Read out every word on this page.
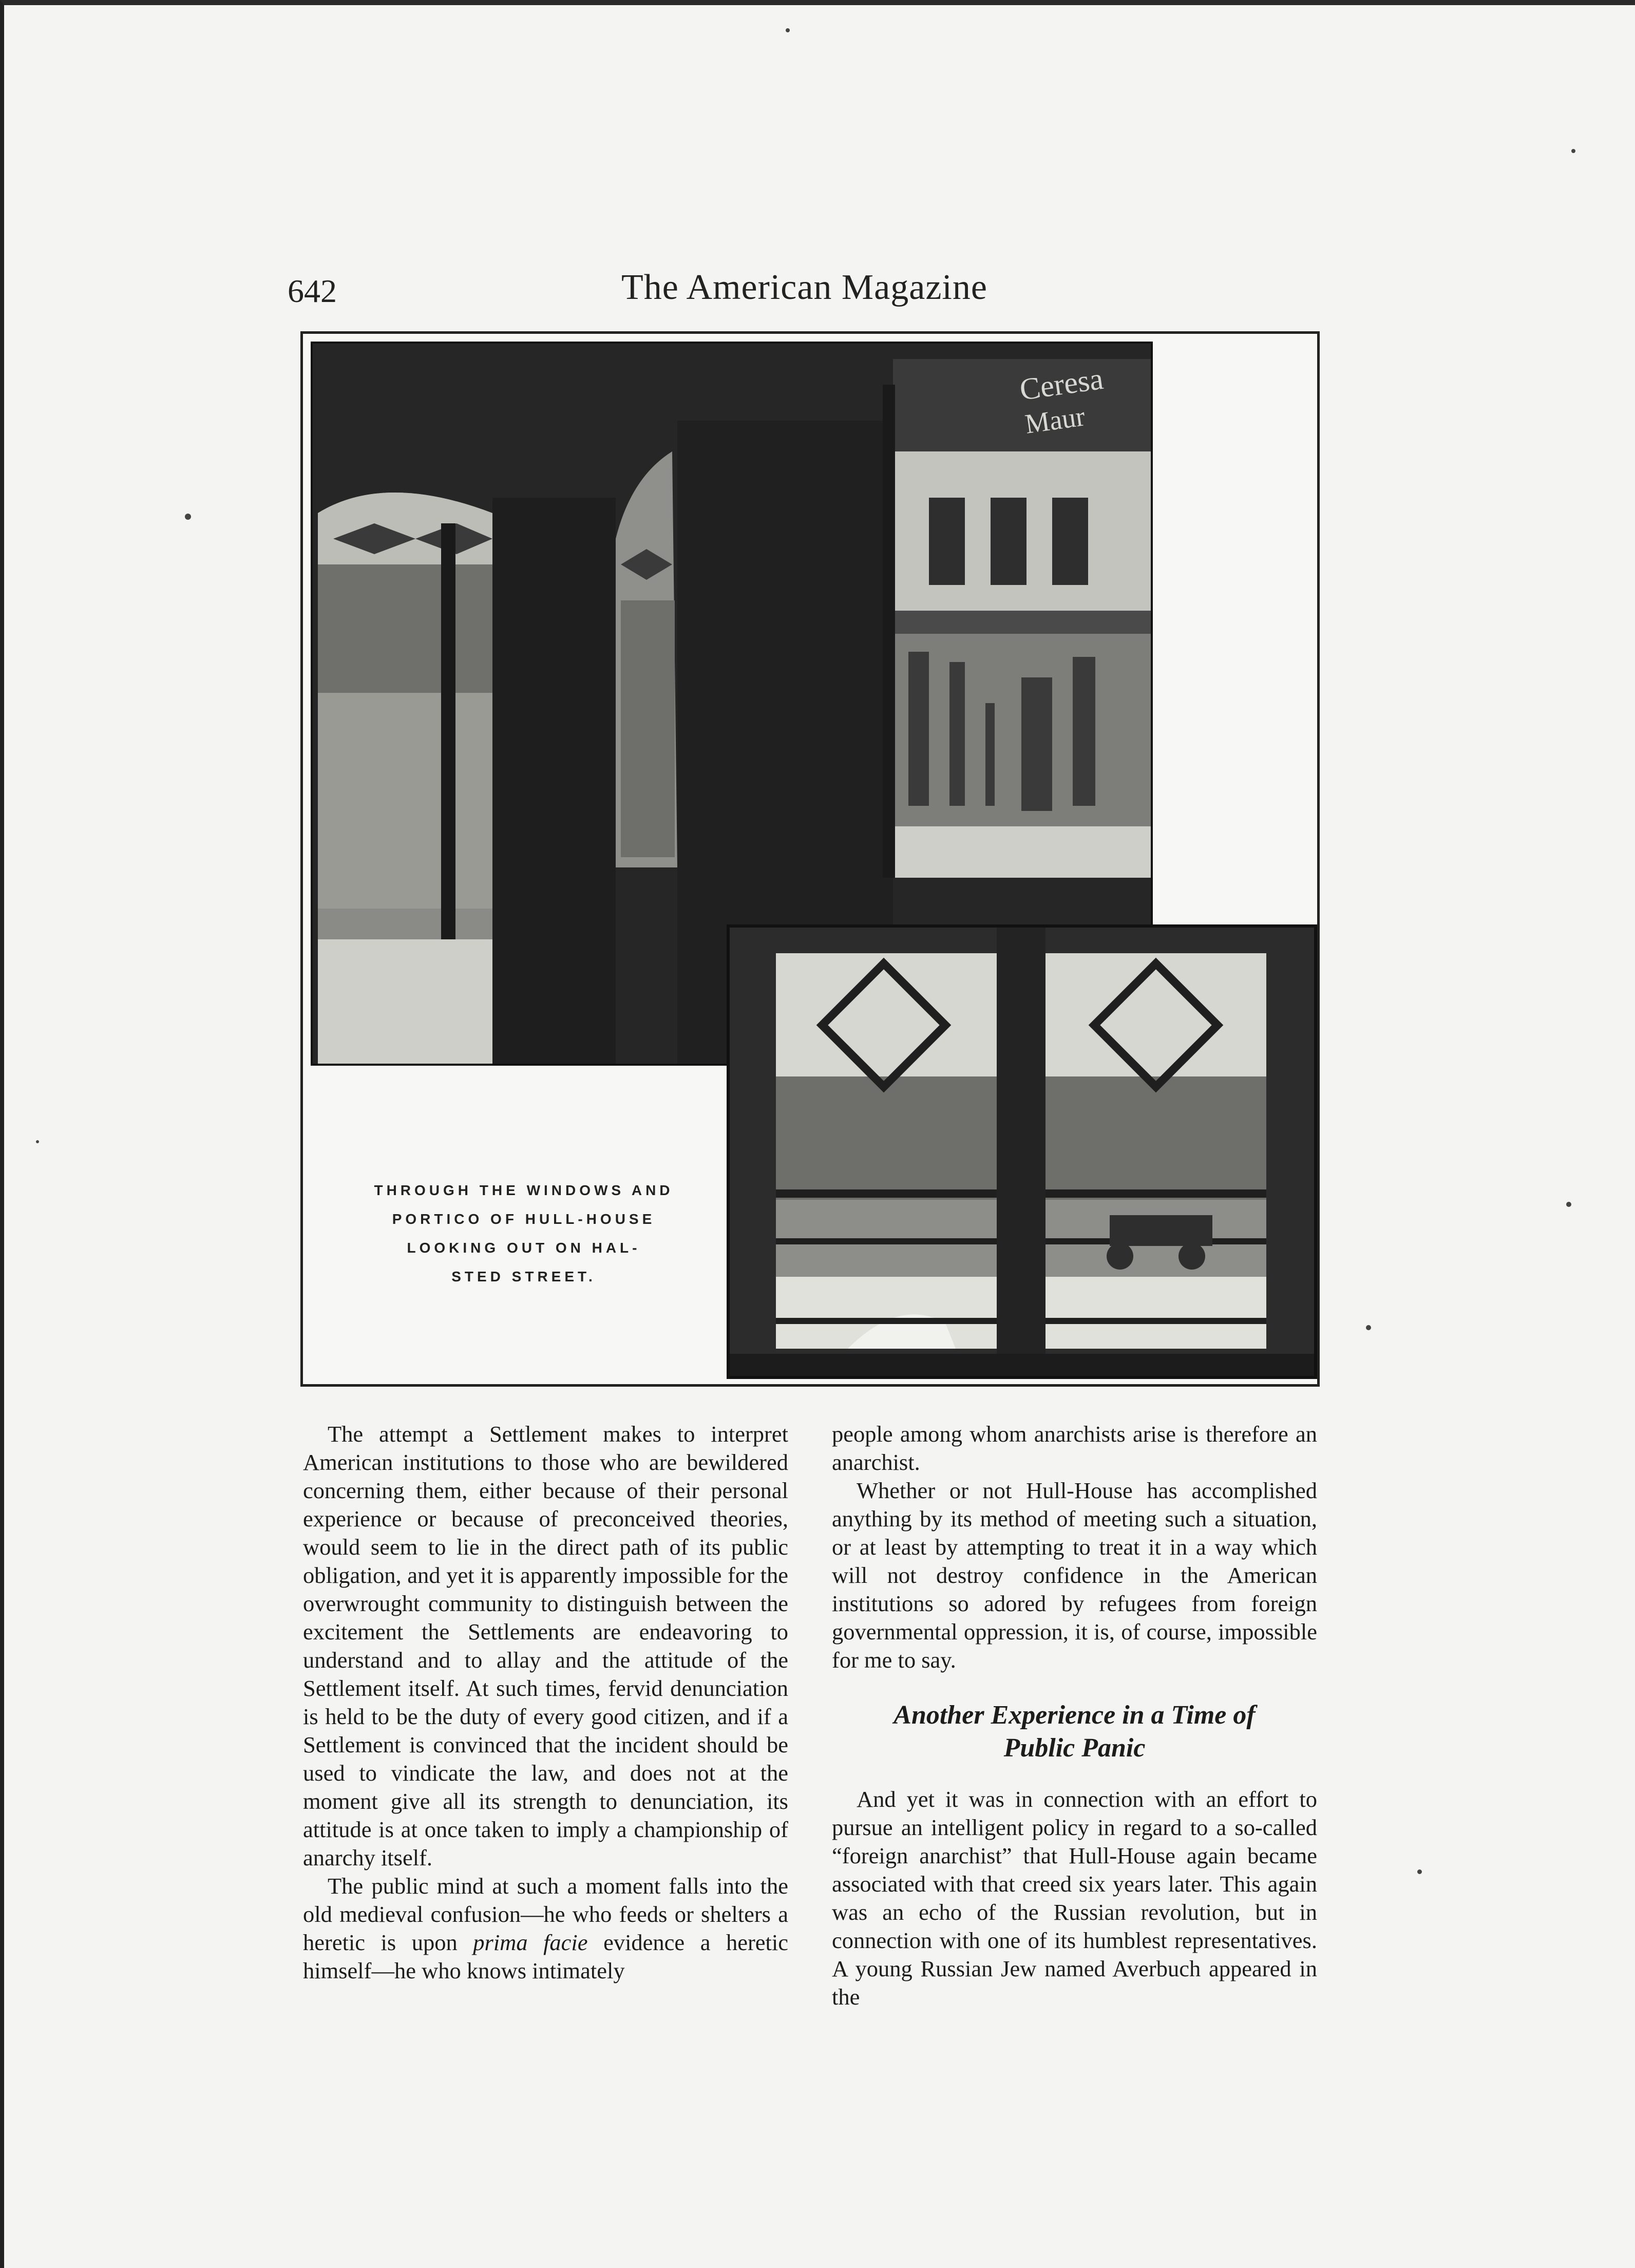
642	The American Magazine
Ceresa
Maur
THROUGH THE WINDOWS AND
PORTICO OF HULL-HOUSE
LOOKING OUT ON HAL-
STED STREET.

The attempt a Settlement makes to interpret American institutions to those who are bewildered concerning them, either because of their personal experience or because of preconceived theories, would seem to lie in the direct path of its public obligation, and yet it is apparently impossible for the overwrought community to distinguish between the excitement the Settlements are endeavoring to understand and to allay and the attitude of the Settlement itself. At such times, fervid denunciation is held to be the duty of every good citizen, and if a Settlement is convinced that the incident should be used to vindicate the law, and does not at the moment give all its strength to denunciation, its attitude is at once taken to imply a championship of anarchy itself.

The public mind at such a moment falls into the old medieval confusion—he who feeds or shelters a heretic is upon prima facie evidence a heretic himself—he who knows intimately

people among whom anarchists arise is therefore an anarchist.

Whether or not Hull-House has accomplished anything by its method of meeting such a situation, or at least by attempting to treat it in a way which will not destroy confidence in the American institutions so adored by refugees from foreign governmental oppression, it is, of course, impossible for me to say.

Another Experience in a Time of
Public Panic

And yet it was in connection with an effort to pursue an intelligent policy in regard to a so-called “foreign anarchist” that Hull-House again became associated with that creed six years later. This again was an echo of the Russian revolution, but in connection with one of its humblest representatives. A young Russian Jew named Averbuch appeared in the
